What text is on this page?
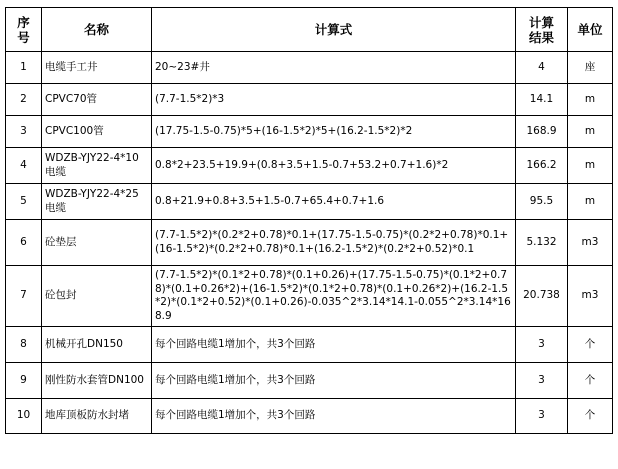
序号	名称	计算式	计算结果	单位
1	电缆手工井	20~23#井	4	座
2	CPVC70管	(7.7-1.5*2)*3	14.1	m
3	CPVC100管	(17.75-1.5-0.75)*5+(16-1.5*2)*5+(16.2-1.5*2)*2	168.9	m
4	WDZB-YJY22-4*10电缆	0.8*2+23.5+19.9+(0.8+3.5+1.5-0.7+53.2+0.7+1.6)*2	166.2	m
5	WDZB-YJY22-4*25电缆	0.8+21.9+0.8+3.5+1.5-0.7+65.4+0.7+1.6	95.5	m
6	砼垫层	(7.7-1.5*2)*(0.2*2+0.78)*0.1+(17.75-1.5-0.75)*(0.2*2+0.78)*0.1+(16-1.5*2)*(0.2*2+0.78)*0.1+(16.2-1.5*2)*(0.2*2+0.52)*0.1	5.132	m3
7	砼包封	(7.7-1.5*2)*(0.1*2+0.78)*(0.1+0.26)+(17.75-1.5-0.75)*(0.1*2+0.78)*(0.1+0.26*2)+(16-1.5*2)*(0.1*2+0.78)*(0.1+0.26*2)+(16.2-1.5*2)*(0.1*2+0.52)*(0.1+0.26)-0.035^2*3.14*14.1-0.055^2*3.14*168.9	20.738	m3
8	机械开孔DN150	每个回路电缆1增加个，共3个回路	3	个
9	刚性防水套管DN100	每个回路电缆1增加个，共3个回路	3	个
10	地库顶板防水封堵	每个回路电缆1增加个，共3个回路	3	个
